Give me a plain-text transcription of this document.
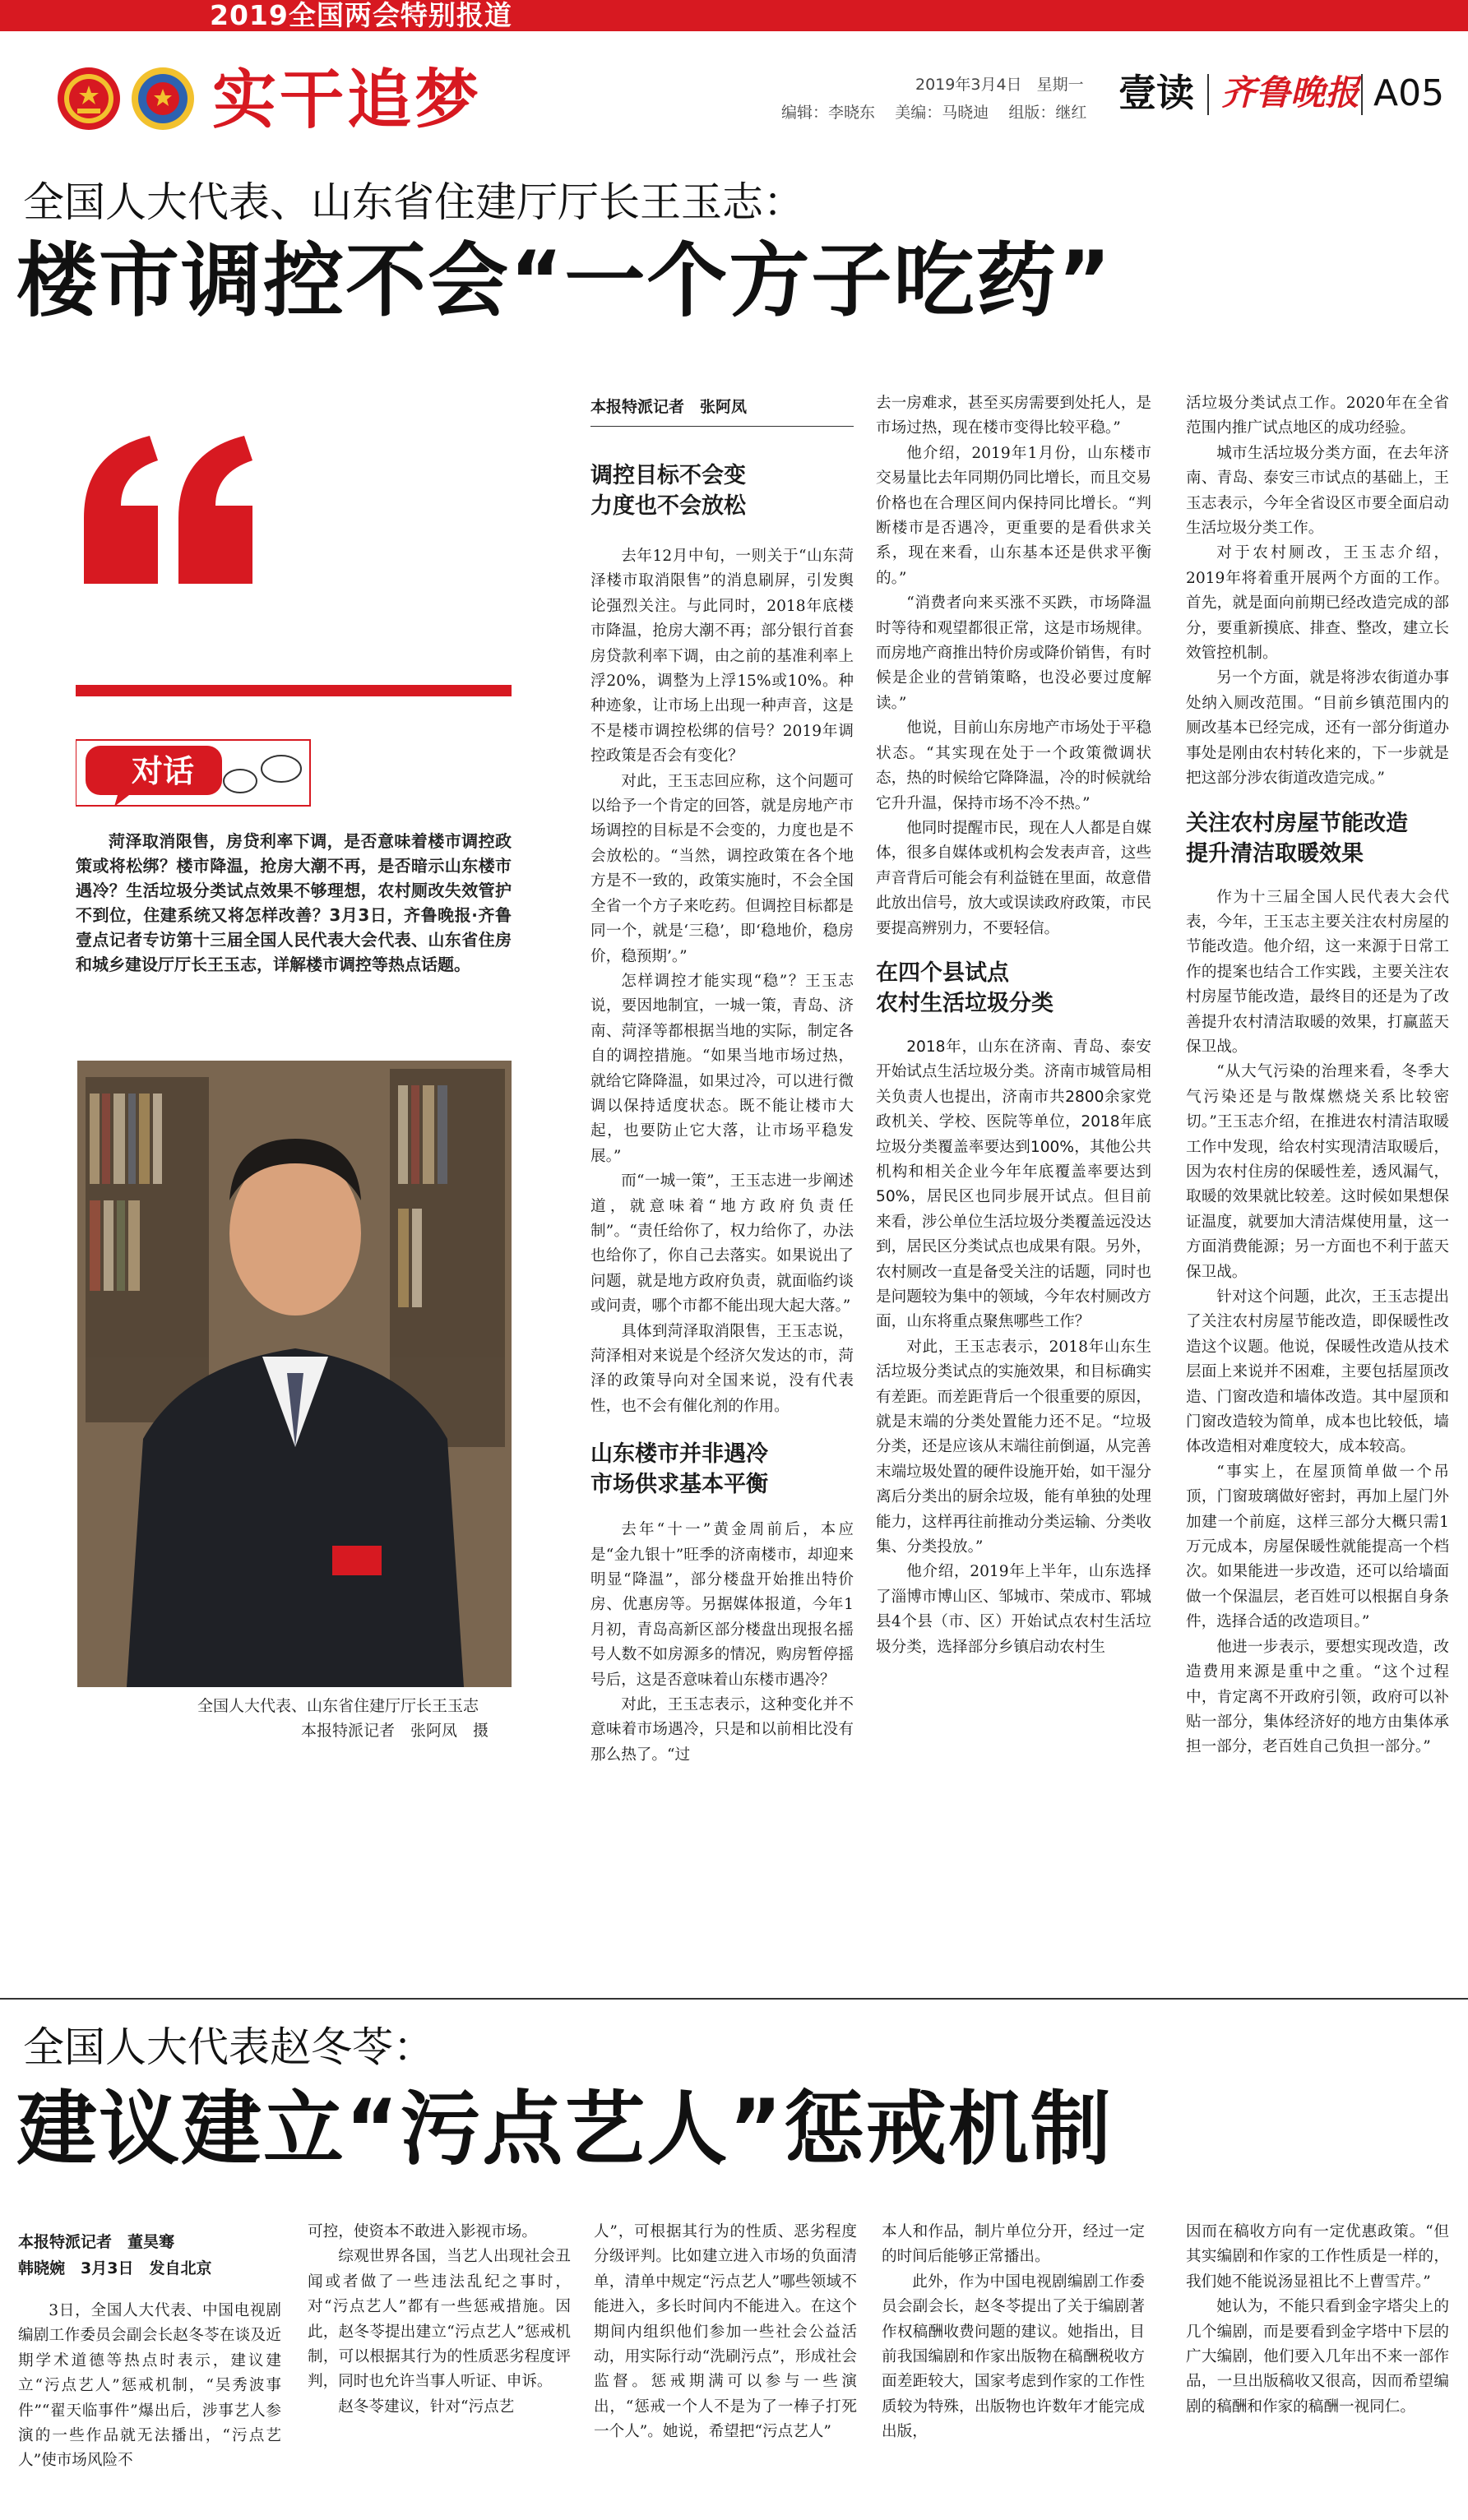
2019全国两会特别报道
实干追梦	2019年3月4日 星期一
编辑：李晓东 美编：马晓迪 组版：继红 壹读 齐鲁晚报 A05
全国人大代表、山东省住建厅厅长王玉志：
楼市调控不会“一个方子吃药”
对话
菏泽取消限售，房贷利率下调，是否意味着楼市调控政策或将松绑？楼市降温，抢房大潮不再，是否暗示山东楼市遇冷？生活垃圾分类试点效果不够理想，农村厕改失效管护不到位，住建系统又将怎样改善？3月3日，齐鲁晚报·齐鲁壹点记者专访第十三届全国人民代表大会代表、山东省住房和城乡建设厅厅长王玉志，详解楼市调控等热点话题。
全国人大代表、山东省住建厅厅长王玉志
本报特派记者　张阿凤　摄
本报特派记者　张阿凤
调控目标不会变
力度也不会放松

去年12月中旬，一则关于“山东菏泽楼市取消限售”的消息刷屏，引发舆论强烈关注。与此同时，2018年底楼市降温，抢房大潮不再；部分银行首套房贷款利率下调，由之前的基准利率上浮20%，调整为上浮15%或10%。种种迹象，让市场上出现一种声音，这是不是楼市调控松绑的信号？2019年调控政策是否会有变化？

对此，王玉志回应称，这个问题可以给予一个肯定的回答，就是房地产市场调控的目标是不会变的，力度也是不会放松的。“当然，调控政策在各个地方是不一致的，政策实施时，不会全国全省一个方子来吃药。但调控目标都是同一个，就是‘三稳’，即‘稳地价，稳房价，稳预期’。”

怎样调控才能实现“稳”？王玉志说，要因地制宜，一城一策，青岛、济南、菏泽等都根据当地的实际，制定各自的调控措施。“如果当地市场过热，就给它降降温，如果过冷，可以进行微调以保持适度状态。既不能让楼市大起，也要防止它大落，让市场平稳发展。”

而“一城一策”，王玉志进一步阐述道，就意味着“地方政府负责任制”。“责任给你了，权力给你了，办法也给你了，你自己去落实。如果说出了问题，就是地方政府负责，就面临约谈或问责，哪个市都不能出现大起大落。”

具体到菏泽取消限售，王玉志说，菏泽相对来说是个经济欠发达的市，菏泽的政策导向对全国来说，没有代表性，也不会有催化剂的作用。

山东楼市并非遇冷
市场供求基本平衡

去年“十一”黄金周前后，本应是“金九银十”旺季的济南楼市，却迎来明显“降温”，部分楼盘开始推出特价房、优惠房等。另据媒体报道，今年1月初，青岛高新区部分楼盘出现报名摇号人数不如房源多的情况，购房暂停摇号后，这是否意味着山东楼市遇冷？

对此，王玉志表示，这种变化并不意味着市场遇冷，只是和以前相比没有那么热了。“过

去一房难求，甚至买房需要到处托人，是市场过热，现在楼市变得比较平稳。”

他介绍，2019年1月份，山东楼市交易量比去年同期仍同比增长，而且交易价格也在合理区间内保持同比增长。“判断楼市是否遇冷，更重要的是看供求关系，现在来看，山东基本还是供求平衡的。”

“消费者向来买涨不买跌，市场降温时等待和观望都很正常，这是市场规律。而房地产商推出特价房或降价销售，有时候是企业的营销策略，也没必要过度解读。”

他说，目前山东房地产市场处于平稳状态。“其实现在处于一个政策微调状态，热的时候给它降降温，冷的时候就给它升升温，保持市场不冷不热。”

他同时提醒市民，现在人人都是自媒体，很多自媒体或机构会发表声音，这些声音背后可能会有利益链在里面，故意借此放出信号，放大或误读政府政策，市民要提高辨别力，不要轻信。

在四个县试点
农村生活垃圾分类

2018年，山东在济南、青岛、泰安开始试点生活垃圾分类。济南市城管局相关负责人也提出，济南市共2800余家党政机关、学校、医院等单位，2018年底垃圾分类覆盖率要达到100%，其他公共机构和相关企业今年年底覆盖率要达到50%，居民区也同步展开试点。但目前来看，涉公单位生活垃圾分类覆盖远没达到，居民区分类试点也成果有限。另外，农村厕改一直是备受关注的话题，同时也是问题较为集中的领域，今年农村厕改方面，山东将重点聚焦哪些工作？

对此，王玉志表示，2018年山东生活垃圾分类试点的实施效果，和目标确实有差距。而差距背后一个很重要的原因，就是末端的分类处置能力还不足。“垃圾分类，还是应该从末端往前倒逼，从完善末端垃圾处置的硬件设施开始，如干湿分离后分类出的厨余垃圾，能有单独的处理能力，这样再往前推动分类运输、分类收集、分类投放。”

他介绍，2019年上半年，山东选择了淄博市博山区、邹城市、荣成市、郓城县4个县（市、区）开始试点农村生活垃圾分类，选择部分乡镇启动农村生

活垃圾分类试点工作。2020年在全省范围内推广试点地区的成功经验。

城市生活垃圾分类方面，在去年济南、青岛、泰安三市试点的基础上，王玉志表示，今年全省设区市要全面启动生活垃圾分类工作。

对于农村厕改，王玉志介绍，2019年将着重开展两个方面的工作。首先，就是面向前期已经改造完成的部分，要重新摸底、排查、整改，建立长效管控机制。

另一个方面，就是将涉农街道办事处纳入厕改范围。“目前乡镇范围内的厕改基本已经完成，还有一部分街道办事处是刚由农村转化来的，下一步就是把这部分涉农街道改造完成。”

关注农村房屋节能改造
提升清洁取暖效果

作为十三届全国人民代表大会代表，今年，王玉志主要关注农村房屋的节能改造。他介绍，这一来源于日常工作的提案也结合工作实践，主要关注农村房屋节能改造，最终目的还是为了改善提升农村清洁取暖的效果，打赢蓝天保卫战。

“从大气污染的治理来看，冬季大气污染还是与散煤燃烧关系比较密切。”王玉志介绍，在推进农村清洁取暖工作中发现，给农村实现清洁取暖后，因为农村住房的保暖性差，透风漏气，取暖的效果就比较差。这时候如果想保证温度，就要加大清洁煤使用量，这一方面消费能源；另一方面也不利于蓝天保卫战。

针对这个问题，此次，王玉志提出了关注农村房屋节能改造，即保暖性改造这个议题。他说，保暖性改造从技术层面上来说并不困难，主要包括屋顶改造、门窗改造和墙体改造。其中屋顶和门窗改造较为简单，成本也比较低，墙体改造相对难度较大，成本较高。

“事实上，在屋顶简单做一个吊顶，门窗玻璃做好密封，再加上屋门外加建一个前庭，这样三部分大概只需1万元成本，房屋保暖性就能提高一个档次。如果能进一步改造，还可以给墙面做一个保温层，老百姓可以根据自身条件，选择合适的改造项目。”

他进一步表示，要想实现改造，改造费用来源是重中之重。“这个过程中，肯定离不开政府引领，政府可以补贴一部分，集体经济好的地方由集体承担一部分，老百姓自己负担一部分。”

全国人大代表赵冬苓：
建议建立“污点艺人”惩戒机制
本报特派记者　董昊骞
韩晓婉　3月3日　发自北京

3日，全国人大代表、中国电视剧编剧工作委员会副会长赵冬苓在谈及近期学术道德等热点时表示，建议建立“污点艺人”惩戒机制，“吴秀波事件”“翟天临事件”爆出后，涉事艺人参演的一些作品就无法播出，“污点艺人”使市场风险不

可控，使资本不敢进入影视市场。

综观世界各国，当艺人出现社会丑闻或者做了一些违法乱纪之事时，对“污点艺人”都有一些惩戒措施。因此，赵冬苓提出建立“污点艺人”惩戒机制，可以根据其行为的性质恶劣程度评判，同时也允许当事人听证、申诉。

赵冬苓建议，针对“污点艺

人”，可根据其行为的性质、恶劣程度分级评判。比如建立进入市场的负面清单，清单中规定“污点艺人”哪些领域不能进入，多长时间内不能进入。在这个期间内组织他们参加一些社会公益活动，用实际行动“洗刷污点”，形成社会监督。惩戒期满可以参与一些演出，“惩戒一个人不是为了一棒子打死一个人”。她说，希望把“污点艺人”

本人和作品，制片单位分开，经过一定的时间后能够正常播出。

此外，作为中国电视剧编剧工作委员会副会长，赵冬苓提出了关于编剧著作权稿酬收费问题的建议。她指出，目前我国编剧和作家出版物在稿酬税收方面差距较大，国家考虑到作家的工作性质较为特殊，出版物也许数年才能完成出版，

因而在稿收方向有一定优惠政策。“但其实编剧和作家的工作性质是一样的，我们她不能说汤显祖比不上曹雪芹。”

她认为，不能只看到金字塔尖上的几个编剧，而是要看到金字塔中下层的广大编剧，他们要入几年出不来一部作品，一旦出版稿收又很高，因而希望编剧的稿酬和作家的稿酬一视同仁。
